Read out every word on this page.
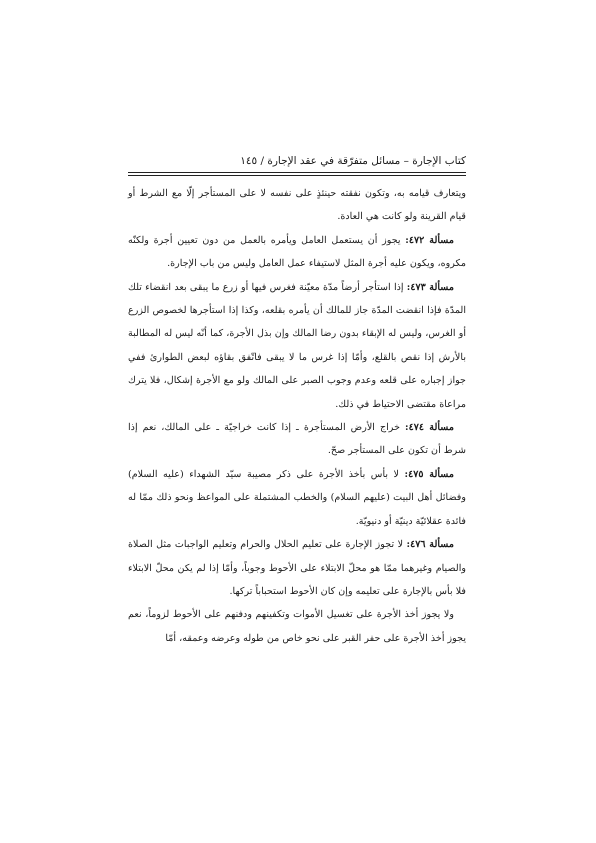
كتاب الإجارة – مسائل متفرّقة في عقد الإجارة / ١٤٥

ويتعارف قيامه به، وتكون نفقته حينئذٍ على نفسه لا على المستأجر إلّا مع الشرط أو قيام القرينة ولو كانت هي العادة.

مسألة ٤٧٢: يجوز أن يستعمل العامل ويأمره بالعمل من دون تعيين أجرة ولكنّه مكروه، ويكون عليه أجرة المثل لاستيفاء عمل العامل وليس من باب الإجارة.

مسألة ٤٧٣: إذا استأجر أرضاً مدّة معيّنة فغرس فيها أو زرع ما يبقى بعد انقضاء تلك المدّة فإذا انقضت المدّة جاز للمالك أن يأمره بقلعه، وكذا إذا استأجرها لخصوص الزرع أو الغرس، وليس له الإبقاء بدون رضا المالك وإن بذل الأجرة، كما أنّه ليس له المطالبة بالأرش إذا نقص بالقلع، وأمّا إذا غرس ما لا يبقى فاتّفق بقاؤه لبعض الطوارئ ففي جواز إجباره على قلعه وعدم وجوب الصبر على المالك ولو مع الأجرة إشكال، فلا يترك مراعاة مقتضى الاحتياط في ذلك.

مسألة ٤٧٤: خراج الأرض المستأجرة ـ إذا كانت خراجيّة ـ على المالك، نعم إذا شرط أن تكون على المستأجر صحّ.

مسألة ٤٧٥: لا بأس بأخذ الأجرة على ذكر مصيبة سيّد الشهداء (عليه السلام) وفضائل أهل البيت (عليهم السلام) والخطب المشتملة على المواعظ ونحو ذلك ممّا له فائدة عقلائيّة دينيّة أو دنيويّة.

مسألة ٤٧٦: لا تجوز الإجارة على تعليم الحلال والحرام وتعليم الواجبات مثل الصلاة والصيام وغيرهما ممّا هو محلّ الابتلاء على الأحوط وجوباً، وأمّا إذا لم يكن محلّ الابتلاء فلا بأس بالإجارة على تعليمه وإن كان الأحوط استحباباً تركها.

ولا يجوز أخذ الأجرة على تغسيل الأموات وتكفينهم ودفنهم على الأحوط لزوماً، نعم يجوز أخذ الأجرة على حفر القبر على نحو خاص من طوله وعرضه وعمقه، أمّا
